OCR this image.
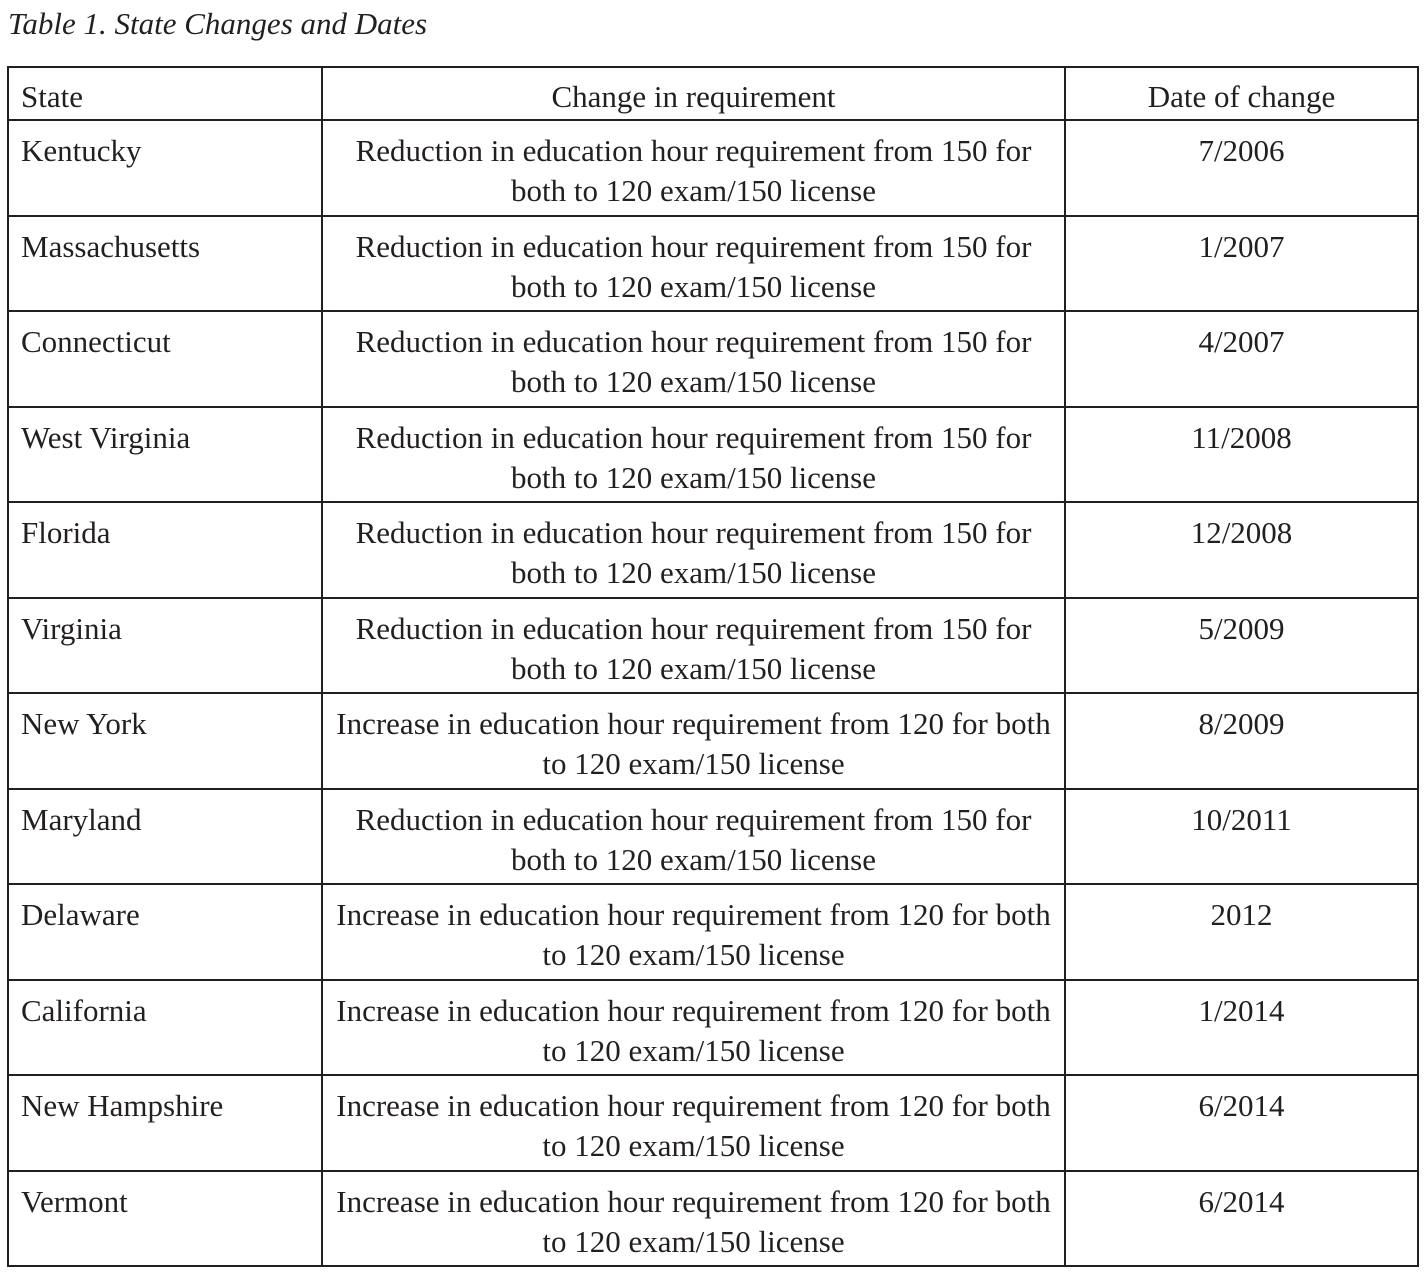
Table 1. State Changes and Dates
State	Change in requirement	Date of change
Kentucky	Reduction in education hour requirement from 150 for both to 120 exam/150 license	7/2006
Massachusetts	Reduction in education hour requirement from 150 for both to 120 exam/150 license	1/2007
Connecticut	Reduction in education hour requirement from 150 for both to 120 exam/150 license	4/2007
West Virginia	Reduction in education hour requirement from 150 for both to 120 exam/150 license	11/2008
Florida	Reduction in education hour requirement from 150 for both to 120 exam/150 license	12/2008
Virginia	Reduction in education hour requirement from 150 for both to 120 exam/150 license	5/2009
New York	Increase in education hour requirement from 120 for both to 120 exam/150 license	8/2009
Maryland	Reduction in education hour requirement from 150 for both to 120 exam/150 license	10/2011
Delaware	Increase in education hour requirement from 120 for both to 120 exam/150 license	2012
California	Increase in education hour requirement from 120 for both to 120 exam/150 license	1/2014
New Hampshire	Increase in education hour requirement from 120 for both to 120 exam/150 license	6/2014
Vermont	Increase in education hour requirement from 120 for both to 120 exam/150 license	6/2014
